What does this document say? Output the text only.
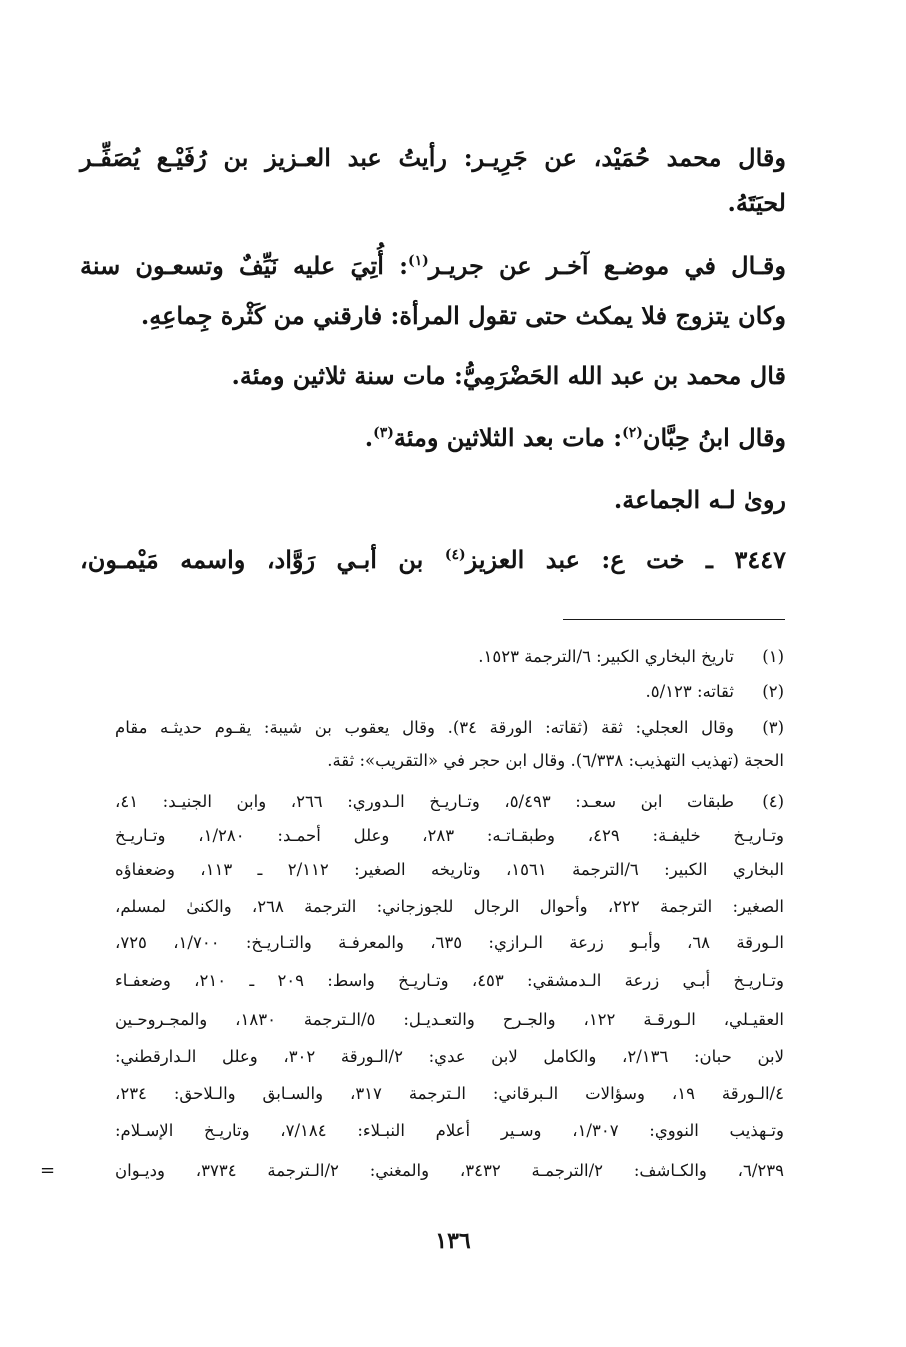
وقال محمد حُمَيْد، عن جَرِيـر: رأيتُ عبد العـزيز بن رُفَيْـع يُصَفِّـر
لحيَتَهُ.
وقـال في موضـع آخـر عن جريـر$^{(١)}$: أُتِيَ عليه نَيِّفٌ وتسعـون سنة
وكان يتزوج فلا يمكث حتى تقول المرأة: فارقني من كَثْرة جِماعِهِ.
قال محمد بن عبد الله الحَضْرَمِيُّ: مات سنة ثلاثين ومئة.
وقال ابنُ حِبَّان$^{(٢)}$: مات بعد الثلاثين ومئة$^{(٣)}$.
روىٰ لـه الجماعة.
٣٤٤٧ ـ خت ع: عبد العزيز$^{(٤)}$ بن أبـي رَوَّاد، واسمه مَيْمـون،
(١)
تاريخ البخاري الكبير: ٦/الترجمة ١٥٢٣.
(٢)
ثقاته: ٥/١٢٣.
(٣)
وقال العجلي: ثقة (ثقاته: الورقة ٣٤). وقال يعقوب بن شيبة: يقـوم حديثـه مقام
الحجة (تهذيب التهذيب: ٦/٣٣٨). وقال ابن حجر في «التقريب»: ثقة.
(٤)
طبقات ابن سعـد: ٥/٤٩٣، وتـاريـخ الـدوري: ٢٦٦، وابن الجنيـد: ٤١،
وتـاريـخ خليفـة: ٤٢٩، وطبقـاتـه: ٢٨٣، وعلل أحمـد: ١/٢٨٠، وتـاريـخ
البخاري الكبير: ٦/الترجمة ١٥٦١، وتاريخه الصغير: ٢/١١٢ ـ ١١٣، وضعفاؤه
الصغير: الترجمة ٢٢٢، وأحوال الرجال للجوزجاني: الترجمة ٢٦٨، والكنىٰ لمسلم،
الـورقة ٦٨، وأبـو زرعة الـرازي: ٦٣٥، والمعرفـة والتـاريـخ: ١/٧٠٠، ٧٢٥،
وتـاريـخ أبـي زرعة الـدمشقي: ٤٥٣، وتـاريـخ واسط: ٢٠٩ ـ ٢١٠، وضعفـاء
العقيـلي، الـورقـة ١٢٢، والجـرح والتعـديـل: ٥/الـترجمة ١٨٣٠، والمجـروحـين
لابن حبان: ٢/١٣٦، والكامل لابن عدي: ٢/الـورقة ٣٠٢، وعلل الـدارقطني:
٤/الـورقة ١٩، وسؤالات الـبرقاني: الـترجمة ٣١٧، والسـابق والـلاحق: ٢٣٤،
وتـهذيب النووي: ١/٣٠٧، وسـير أعلام النبـلاء: ٧/١٨٤، وتاريـخ الإسـلام:
٦/٢٣٩، والكـاشف: ٢/الترجمـة ٣٤٣٢، والمغني: ٢/الـترجمة ٣٧٣٤، وديـوان
=
١٣٦
